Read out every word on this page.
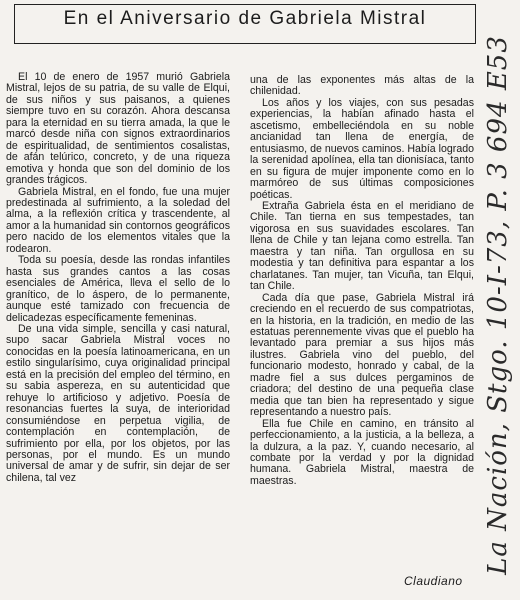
En el Aniversario de Gabriela Mistral

El 10 de enero de 1957 murió Gabriela Mistral, lejos de su patria, de su valle de Elqui, de sus niños y sus paisanos, a quienes siempre tuvo en su corazón. Ahora descansa para la eternidad en su tierra amada, la que le marcó desde niña con signos extraordinarios de espiritualidad, de sentimientos cosalistas, de afán telúrico, concreto, y de una riqueza emotiva y honda que son del dominio de los grandes trágicos.

Gabriela Mistral, en el fondo, fue una mujer predestinada al sufrimiento, a la soledad del alma, a la reflexión crítica y trascendente, al amor a la humanidad sin contornos geográficos pero nacido de los elementos vitales que la rodearon.

Toda su poesía, desde las rondas infantiles hasta sus grandes cantos a las cosas esenciales de América, lleva el sello de lo granítico, de lo áspero, de lo permanente, aunque esté tamizado con frecuencia de delicadezas específicamente femeninas.

De una vida simple, sencilla y casi natural, supo sacar Gabriela Mistral voces no conocidas en la poesía latinoamericana, en un estilo singularísimo, cuya originalidad principal está en la precisión del empleo del término, en su sabia aspereza, en su autenticidad que rehuye lo artificioso y adjetivo. Poesía de resonancias fuertes la suya, de interioridad consumiéndose en perpetua vigilia, de contemplación en contemplación, de sufrimiento por ella, por los objetos, por las personas, por el mundo. Es un mundo universal de amar y de sufrir, sin dejar de ser chilena, tal vez

una de las exponentes más altas de la chilenidad.

Los años y los viajes, con sus pesadas experiencias, la habían afinado hasta el ascetismo, embelleciéndola en su noble ancianidad tan llena de energía, de entusiasmo, de nuevos caminos. Había logrado la serenidad apolínea, ella tan dionisíaca, tanto en su figura de mujer imponente como en lo marmóreo de sus últimas composiciones poéticas.

Extraña Gabriela ésta en el meridiano de Chile. Tan tierna en sus tempestades, tan vigorosa en sus suavidades escolares. Tan llena de Chile y tan lejana como estrella. Tan maestra y tan niña. Tan orgullosa en su modestia y tan definitiva para espantar a los charlatanes. Tan mujer, tan Vicuña, tan Elqui, tan Chile.

Cada día que pase, Gabriela Mistral irá creciendo en el recuerdo de sus compatriotas, en la historia, en la tradición, en medio de las estatuas perennemente vivas que el pueblo ha levantado para premiar a sus hijos más ilustres. Gabriela vino del pueblo, del funcionario modesto, honrado y cabal, de la madre fiel a sus dulces pergaminos de criadora; del destino de una pequeña clase media que tan bien ha representado y sigue representando a nuestro país.

Ella fue Chile en camino, en tránsito al perfeccionamiento, a la justicia, a la belleza, a la dulzura, a la paz. Y, cuando necesario, al combate por la verdad y por la dignidad humana. Gabriela Mistral, maestra de maestras.

Claudiano
La Nación, Stgo. 10-I-73, P. 3 694 E53
